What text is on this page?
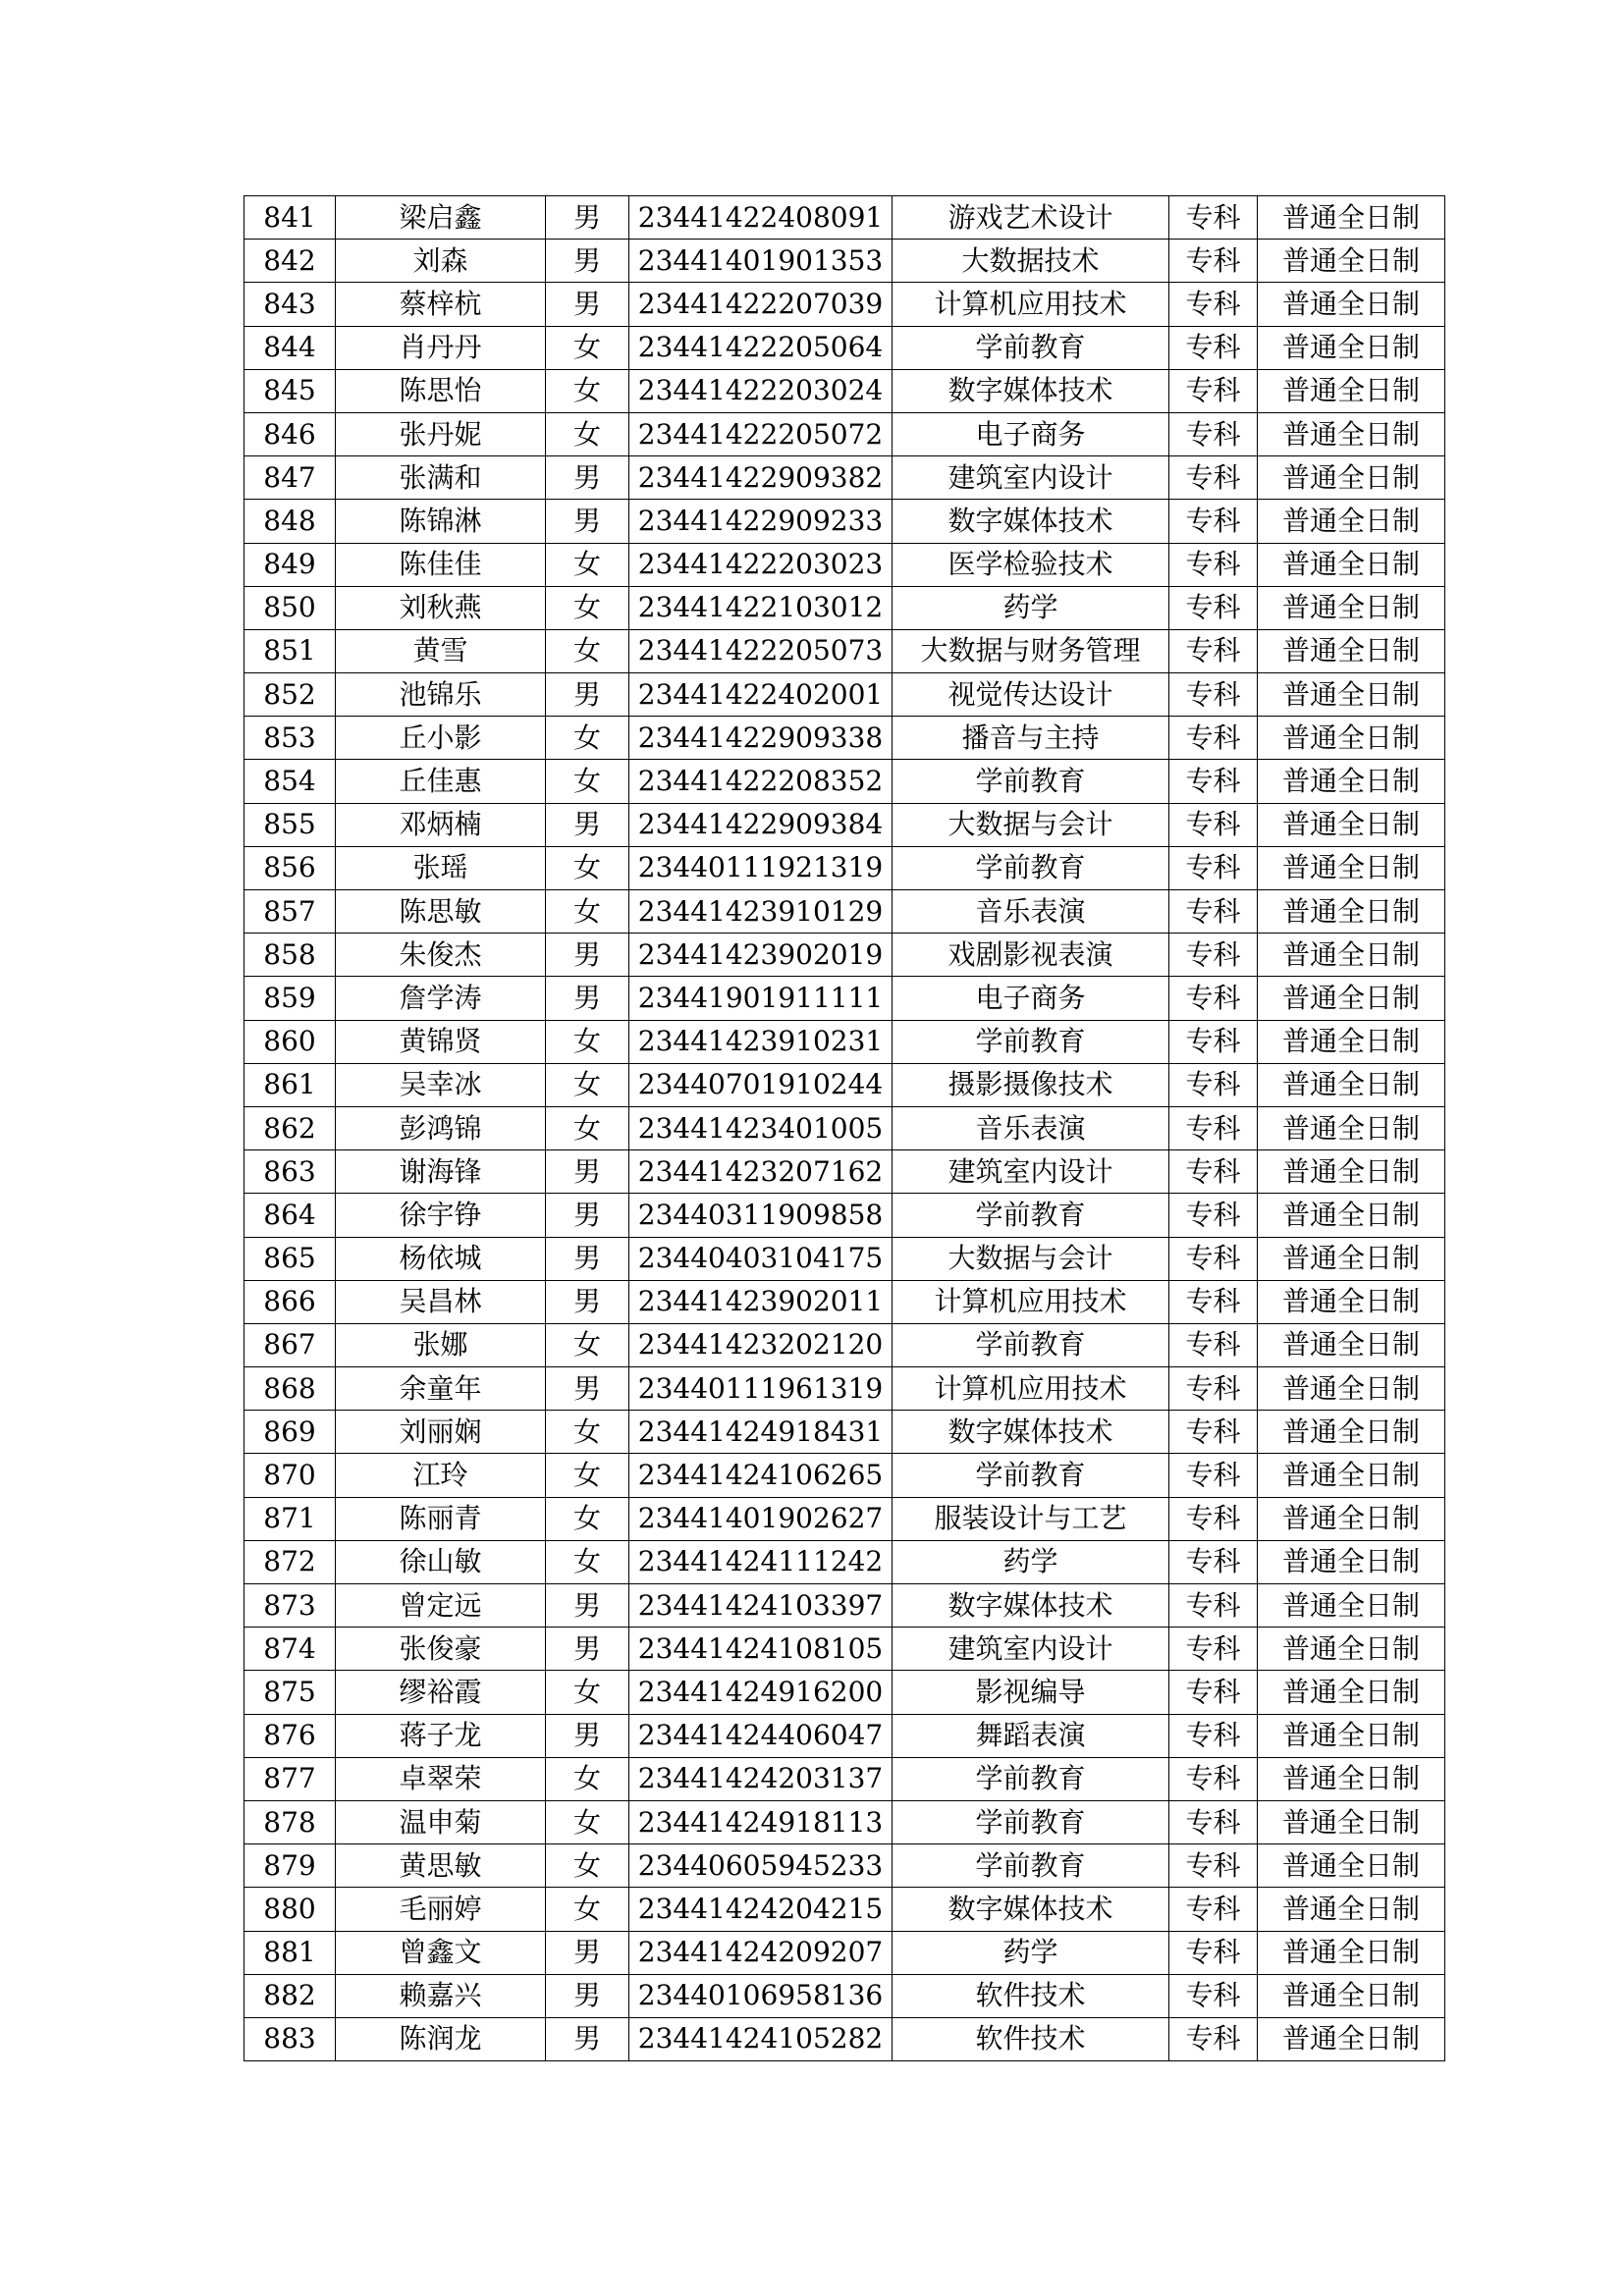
841	梁启鑫	男	23441422408091	游戏艺术设计	专科	普通全日制
842	刘森	男	23441401901353	大数据技术	专科	普通全日制
843	蔡梓杭	男	23441422207039	计算机应用技术	专科	普通全日制
844	肖丹丹	女	23441422205064	学前教育	专科	普通全日制
845	陈思怡	女	23441422203024	数字媒体技术	专科	普通全日制
846	张丹妮	女	23441422205072	电子商务	专科	普通全日制
847	张满和	男	23441422909382	建筑室内设计	专科	普通全日制
848	陈锦淋	男	23441422909233	数字媒体技术	专科	普通全日制
849	陈佳佳	女	23441422203023	医学检验技术	专科	普通全日制
850	刘秋燕	女	23441422103012	药学	专科	普通全日制
851	黄雪	女	23441422205073	大数据与财务管理	专科	普通全日制
852	池锦乐	男	23441422402001	视觉传达设计	专科	普通全日制
853	丘小影	女	23441422909338	播音与主持	专科	普通全日制
854	丘佳惠	女	23441422208352	学前教育	专科	普通全日制
855	邓炳楠	男	23441422909384	大数据与会计	专科	普通全日制
856	张瑶	女	23440111921319	学前教育	专科	普通全日制
857	陈思敏	女	23441423910129	音乐表演	专科	普通全日制
858	朱俊杰	男	23441423902019	戏剧影视表演	专科	普通全日制
859	詹学涛	男	23441901911111	电子商务	专科	普通全日制
860	黄锦贤	女	23441423910231	学前教育	专科	普通全日制
861	吴幸冰	女	23440701910244	摄影摄像技术	专科	普通全日制
862	彭鸿锦	女	23441423401005	音乐表演	专科	普通全日制
863	谢海锋	男	23441423207162	建筑室内设计	专科	普通全日制
864	徐宇铮	男	23440311909858	学前教育	专科	普通全日制
865	杨依城	男	23440403104175	大数据与会计	专科	普通全日制
866	吴昌林	男	23441423902011	计算机应用技术	专科	普通全日制
867	张娜	女	23441423202120	学前教育	专科	普通全日制
868	余童年	男	23440111961319	计算机应用技术	专科	普通全日制
869	刘丽娴	女	23441424918431	数字媒体技术	专科	普通全日制
870	江玲	女	23441424106265	学前教育	专科	普通全日制
871	陈丽青	女	23441401902627	服装设计与工艺	专科	普通全日制
872	徐山敏	女	23441424111242	药学	专科	普通全日制
873	曾定远	男	23441424103397	数字媒体技术	专科	普通全日制
874	张俊豪	男	23441424108105	建筑室内设计	专科	普通全日制
875	缪裕霞	女	23441424916200	影视编导	专科	普通全日制
876	蒋子龙	男	23441424406047	舞蹈表演	专科	普通全日制
877	卓翠荣	女	23441424203137	学前教育	专科	普通全日制
878	温申菊	女	23441424918113	学前教育	专科	普通全日制
879	黄思敏	女	23440605945233	学前教育	专科	普通全日制
880	毛丽婷	女	23441424204215	数字媒体技术	专科	普通全日制
881	曾鑫文	男	23441424209207	药学	专科	普通全日制
882	赖嘉兴	男	23440106958136	软件技术	专科	普通全日制
883	陈润龙	男	23441424105282	软件技术	专科	普通全日制
